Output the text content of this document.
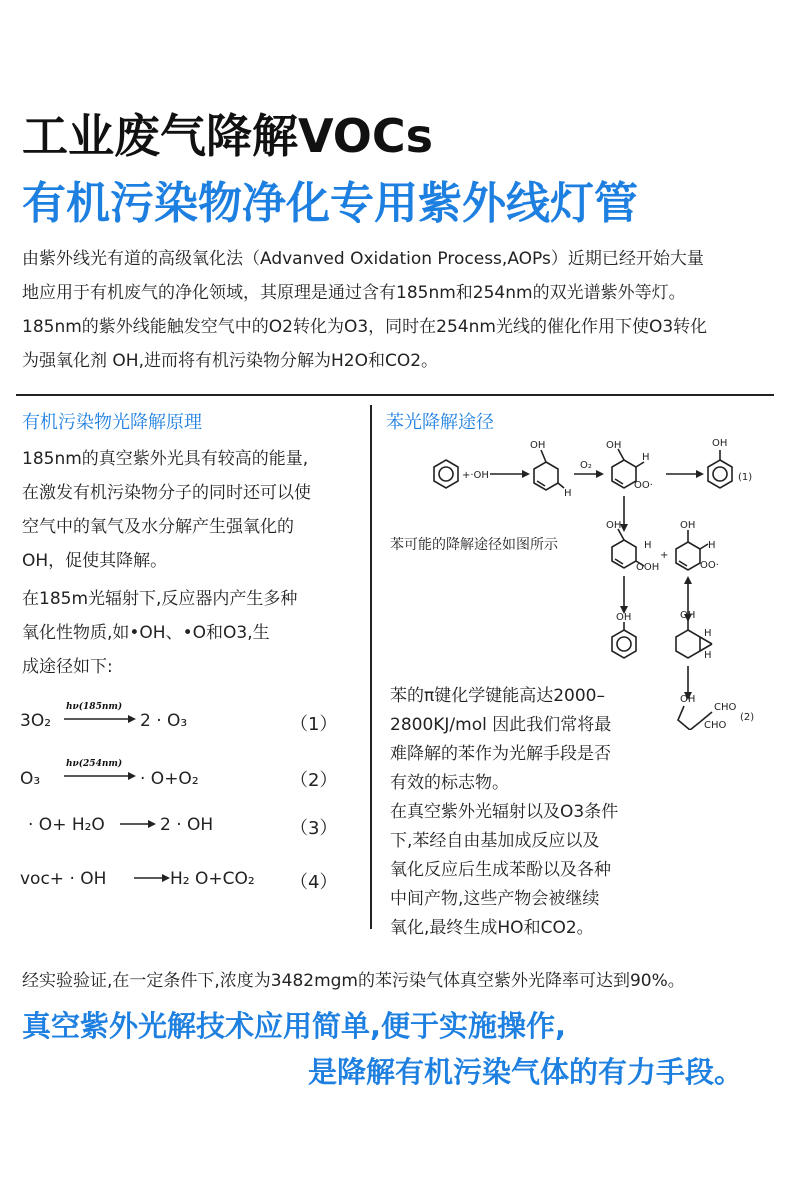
工业废气降解VOCs
有机污染物净化专用紫外线灯管
由紫外线光有道的高级氧化法（Advanved Oxidation Process,AOPs）近期已经开始大量
地应用于有机废气的净化领域，其原理是通过含有185nm和254nm的双光谱紫外等灯。
185nm的紫外线能触发空气中的O2转化为O3，同时在254nm光线的催化作用下使O3转化
为强氧化剂 OH,进而将有机污染物分解为H2O和CO2。
有机污染物光降解原理	苯光降解途径
185nm的真空紫外光具有较高的能量,
在激发有机污染物分子的同时还可以使
空气中的氧气及水分解产生强氧化的
OH，促使其降解。
在185m光辐射下,反应器内产生多种
氧化性物质,如•OH、•O和O3,生
成途径如下:
3O₂
hν(185nm)
2 · O₃	（1）
O₃
hν(254nm)
· O+O₂	（2）
· O+ H₂O → 2 · OH	（3）
voc+ · OH → H₂ O+CO₂ （4）
+·OH
OH
H
O₂
OH
H
OO·
OH
(1)
OH
H
OOH
+
OH
H
OO·
OH	OH
H
H
OH
CHO
CHO
(2)
苯可能的降解途径如图所示
苯的π键化学键能高达2000–
2800KJ/mol 因此我们常将最
难降解的苯作为光解手段是否
有效的标志物。
在真空紫外光辐射以及O3条件
下,苯经自由基加成反应以及
氧化反应后生成苯酚以及各种
中间产物,这些产物会被继续
氧化,最终生成HO和CO2。
经实验验证,在一定条件下,浓度为3482mgm的苯污染气体真空紫外光降率可达到90%。
真空紫外光解技术应用简单,便于实施操作,
是降解有机污染气体的有力手段。
